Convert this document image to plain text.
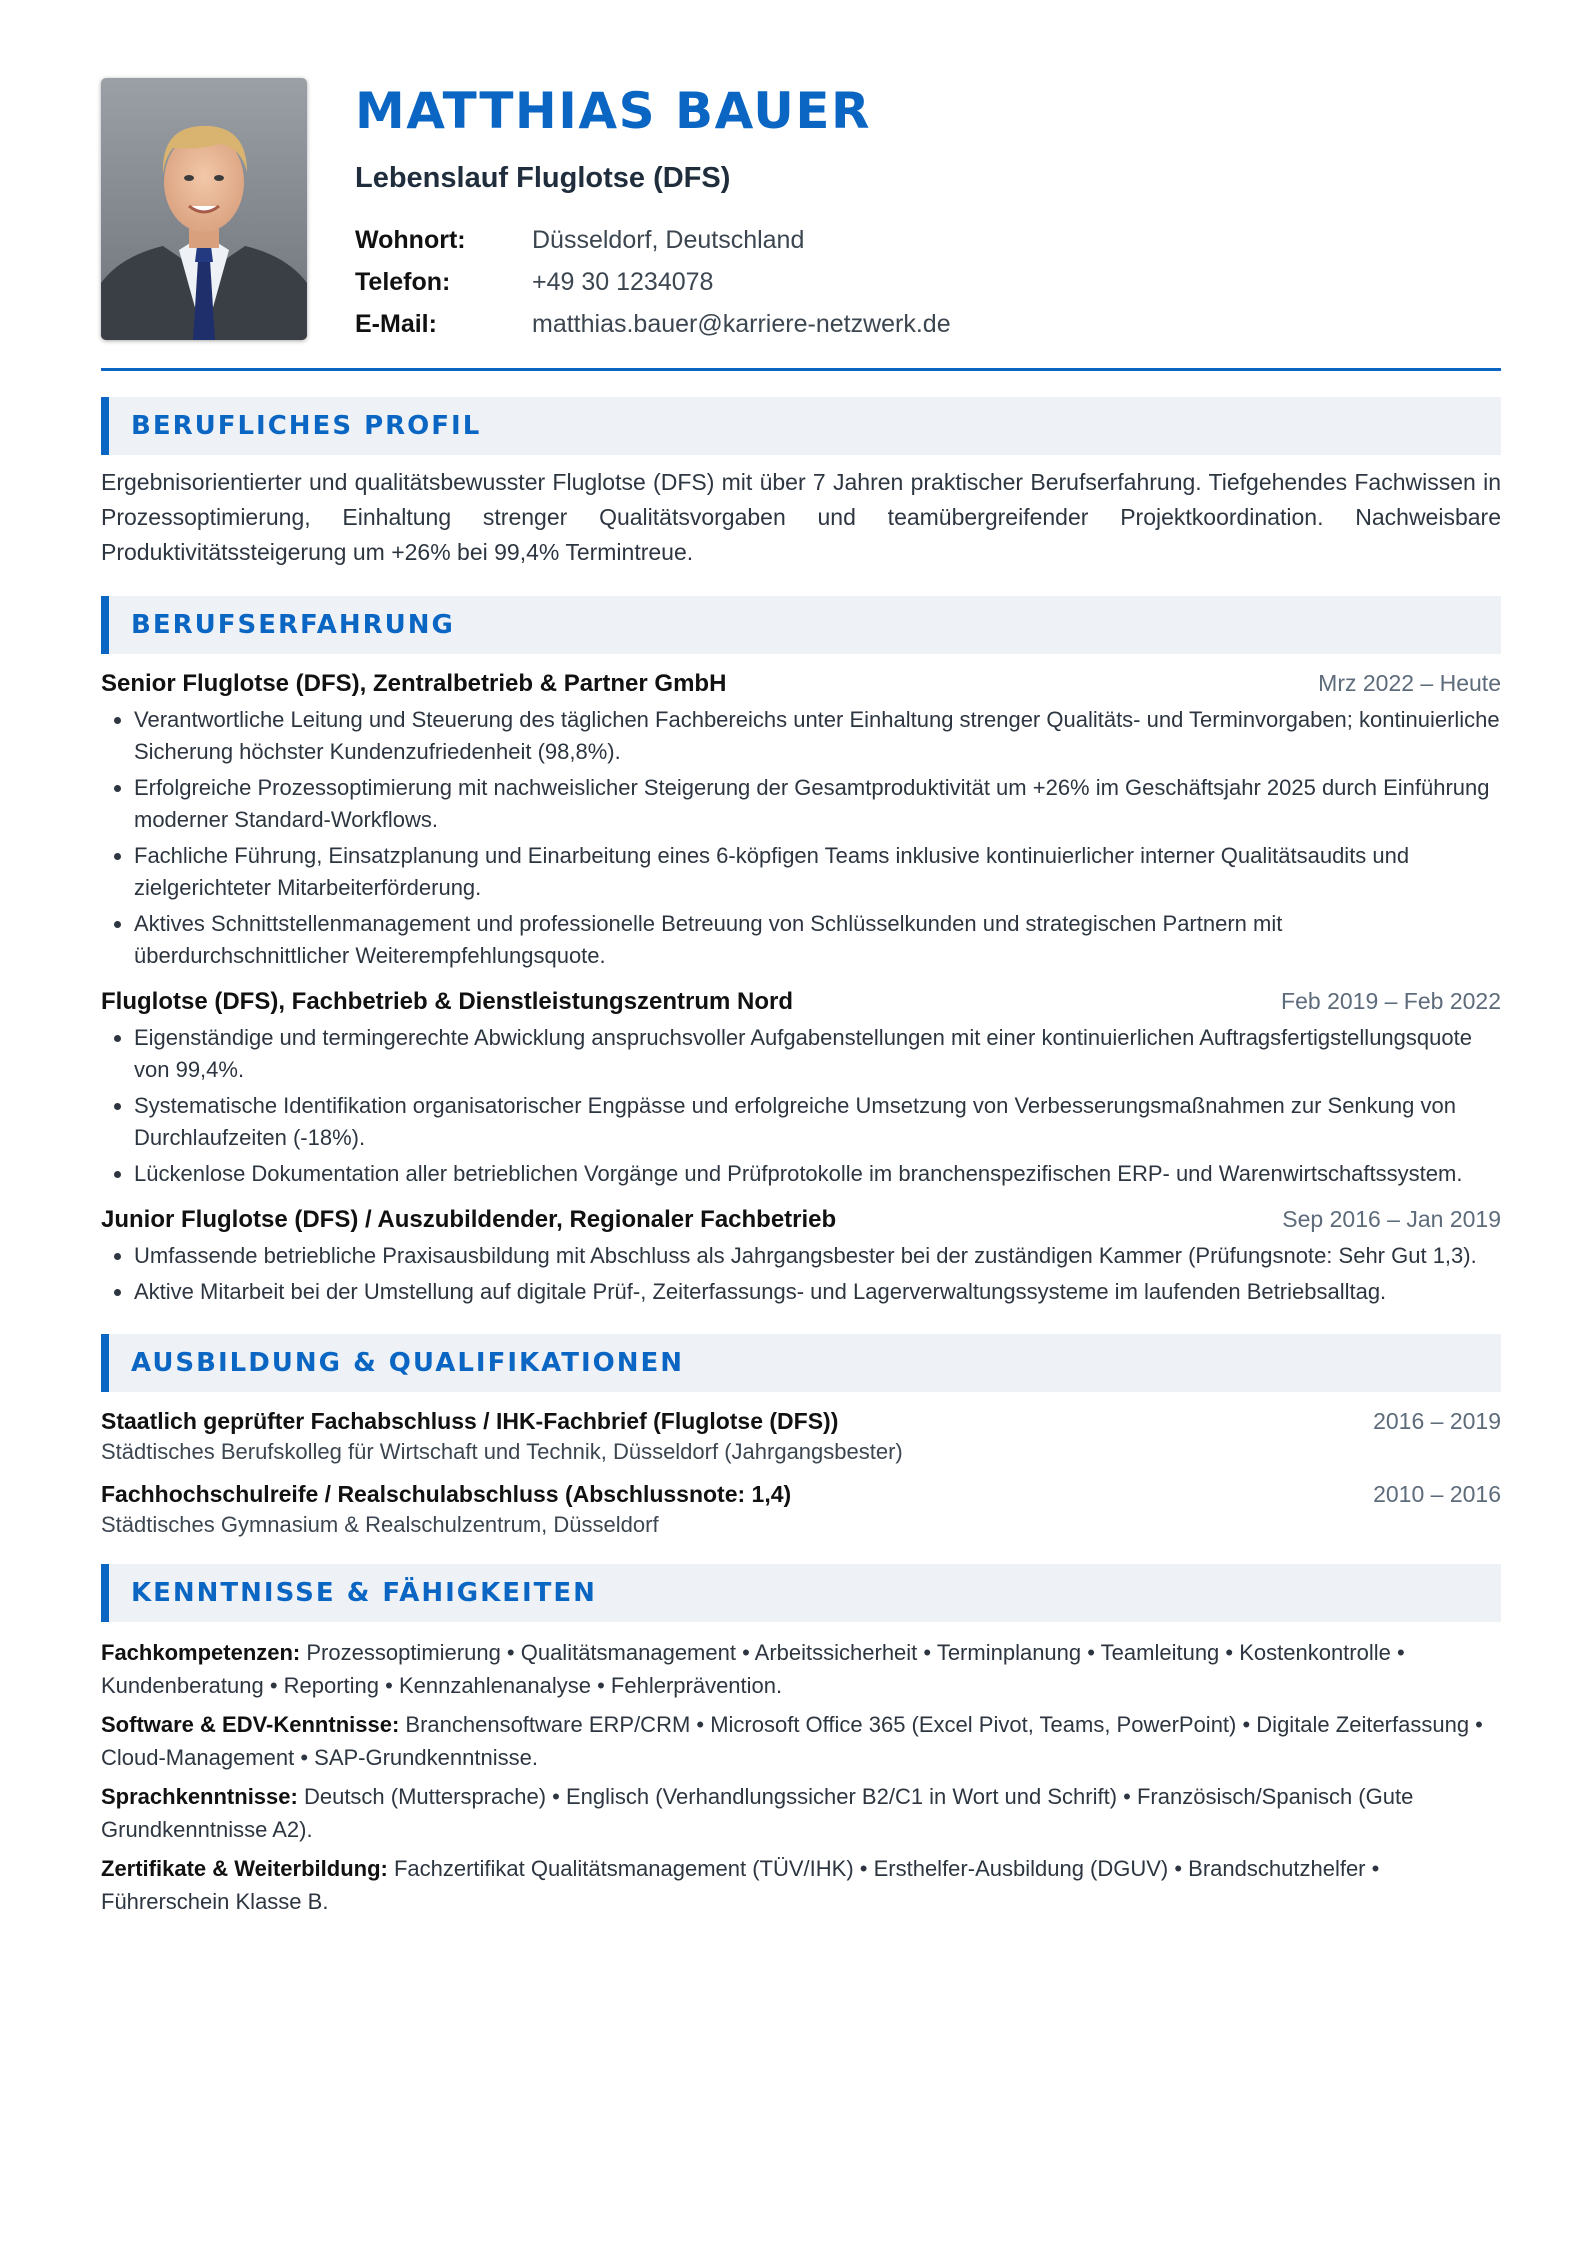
MATTHIAS BAUER
Lebenslauf Fluglotse (DFS)
Wohnort:	Düsseldorf, Deutschland
Telefon:	+49 30 1234078
E-Mail:	matthias.bauer@karriere-netzwerk.de
BERUFLICHES PROFIL
Ergebnisorientierter und qualitätsbewusster Fluglotse (DFS) mit über 7 Jahren praktischer Berufserfahrung. Tiefgehendes Fachwissen in Prozessoptimierung, Einhaltung strenger Qualitätsvorgaben und teamübergreifender Projektkoordination. Nachweisbare Produktivitätssteigerung um +26% bei 99,4% Termintreue.
BERUFSERFAHRUNG
Senior Fluglotse (DFS), Zentralbetrieb & Partner GmbH	Mrz 2022 – Heute
• Verantwortliche Leitung und Steuerung des täglichen Fachbereichs unter Einhaltung strenger Qualitäts- und Terminvorgaben; kontinuierliche Sicherung höchster Kundenzufriedenheit (98,8%).
• Erfolgreiche Prozessoptimierung mit nachweislicher Steigerung der Gesamtproduktivität um +26% im Geschäftsjahr 2025 durch Einführung moderner Standard-Workflows.
• Fachliche Führung, Einsatzplanung und Einarbeitung eines 6-köpfigen Teams inklusive kontinuierlicher interner Qualitätsaudits und zielgerichteter Mitarbeiterförderung.
• Aktives Schnittstellenmanagement und professionelle Betreuung von Schlüsselkunden und strategischen Partnern mit überdurchschnittlicher Weiterempfehlungsquote.
Fluglotse (DFS), Fachbetrieb & Dienstleistungszentrum Nord	Feb 2019 – Feb 2022
• Eigenständige und termingerechte Abwicklung anspruchsvoller Aufgabenstellungen mit einer kontinuierlichen Auftragsfertigstellungsquote von 99,4%.
• Systematische Identifikation organisatorischer Engpässe und erfolgreiche Umsetzung von Verbesserungsmaßnahmen zur Senkung von Durchlaufzeiten (-18%).
• Lückenlose Dokumentation aller betrieblichen Vorgänge und Prüfprotokolle im branchenspezifischen ERP- und Warenwirtschaftssystem.
Junior Fluglotse (DFS) / Auszubildender, Regionaler Fachbetrieb	Sep 2016 – Jan 2019
• Umfassende betriebliche Praxisausbildung mit Abschluss als Jahrgangsbester bei der zuständigen Kammer (Prüfungsnote: Sehr Gut 1,3).
• Aktive Mitarbeit bei der Umstellung auf digitale Prüf-, Zeiterfassungs- und Lagerverwaltungssysteme im laufenden Betriebsalltag.
AUSBILDUNG & QUALIFIKATIONEN
Staatlich geprüfter Fachabschluss / IHK-Fachbrief (Fluglotse (DFS))	2016 – 2019
Städtisches Berufskolleg für Wirtschaft und Technik, Düsseldorf (Jahrgangsbester)
Fachhochschulreife / Realschulabschluss (Abschlussnote: 1,4)	2010 – 2016
Städtisches Gymnasium & Realschulzentrum, Düsseldorf
KENNTNISSE & FÄHIGKEITEN
Fachkompetenzen: Prozessoptimierung • Qualitätsmanagement • Arbeitssicherheit • Terminplanung • Teamleitung • Kostenkontrolle • Kundenberatung • Reporting • Kennzahlenanalyse • Fehlerprävention.
Software & EDV-Kenntnisse: Branchensoftware ERP/CRM • Microsoft Office 365 (Excel Pivot, Teams, PowerPoint) • Digitale Zeiterfassung • Cloud-Management • SAP-Grundkenntnisse.
Sprachkenntnisse: Deutsch (Muttersprache) • Englisch (Verhandlungssicher B2/C1 in Wort und Schrift) • Französisch/Spanisch (Gute Grundkenntnisse A2).
Zertifikate & Weiterbildung: Fachzertifikat Qualitätsmanagement (TÜV/IHK) • Ersthelfer-Ausbildung (DGUV) • Brandschutzhelfer • Führerschein Klasse B.
